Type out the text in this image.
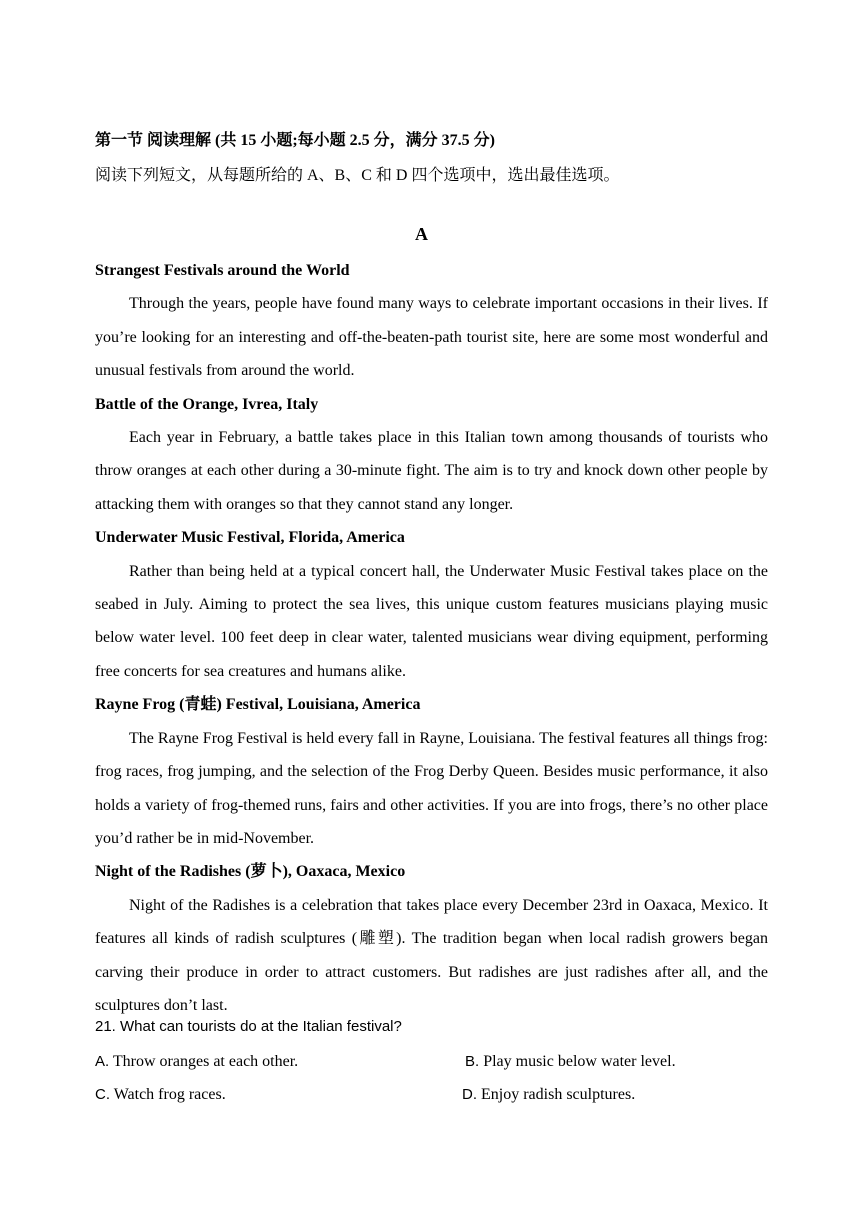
第一节 阅读理解 (共 15 小题;每小题 2.5 分，满分 37.5 分)
阅读下列短文，从每题所给的 A、B、C 和 D 四个选项中，选出最佳选项。
A
Strangest Festivals around the World

Through the years, people have found many ways to celebrate important occasions in their lives. If you’re looking for an interesting and off-the-beaten-path tourist site, here are some most wonderful and unusual festivals from around the world.

Battle of the Orange, Ivrea, Italy

Each year in February, a battle takes place in this Italian town among thousands of tourists who throw oranges at each other during a 30-minute fight. The aim is to try and knock down other people by attacking them with oranges so that they cannot stand any longer.

Underwater Music Festival, Florida, America

Rather than being held at a typical concert hall, the Underwater Music Festival takes place on the seabed in July. Aiming to protect the sea lives, this unique custom features musicians playing music below water level. 100 feet deep in clear water, talented musicians wear diving equipment, performing free concerts for sea creatures and humans alike.

Rayne Frog (青蛙) Festival, Louisiana, America

The Rayne Frog Festival is held every fall in Rayne, Louisiana. The festival features all things frog: frog races, frog jumping, and the selection of the Frog Derby Queen. Besides music performance, it also holds a variety of frog-themed runs, fairs and other activities. If you are into frogs, there’s no other place you’d rather be in mid-November.

Night of the Radishes (萝卜), Oaxaca, Mexico

Night of the Radishes is a celebration that takes place every December 23rd in Oaxaca, Mexico. It features all kinds of radish sculptures (雕塑). The tradition began when local radish growers began carving their produce in order to attract customers. But radishes are just radishes after all, and the sculptures don’t last.

21. What can tourists do at the Italian festival?
A. Throw oranges at each other.	B. Play music below water level.
C. Watch frog races.	D. Enjoy radish sculptures.
